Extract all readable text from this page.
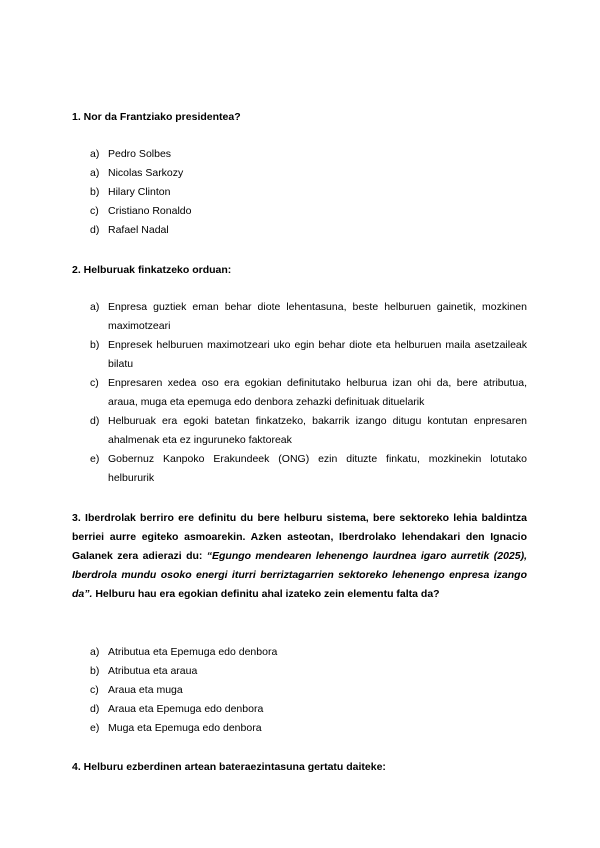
1. Nor da Frantziako presidentea?

a) Pedro Solbes
a) Nicolas Sarkozy
b) Hilary Clinton
c) Cristiano Ronaldo
d) Rafael Nadal

2. Helburuak finkatzeko orduan:

a) Enpresa guztiek eman behar diote lehentasuna, beste helburuen gainetik, mozkinen maximotzeari
b) Enpresek helburuen maximotzeari uko egin behar diote eta helburuen maila asetzaileak bilatu
c) Enpresaren xedea oso era egokian definitutako helburua izan ohi da, bere atributua, araua, muga eta epemuga edo denbora zehazki definituak dituelarik
d) Helburuak era egoki batetan finkatzeko, bakarrik izango ditugu kontutan enpresaren ahalmenak eta ez inguruneko faktoreak
e) Gobernuz Kanpoko Erakundeek (ONG) ezin dituzte finkatu, mozkinekin lotutako helbururik

3. Iberdrolak berriro ere definitu du bere helburu sistema, bere sektoreko lehia baldintza berriei aurre egiteko asmoarekin. Azken asteotan, Iberdrolako lehendakari den Ignacio Galanek zera adierazi du: “Egungo mendearen lehenengo laurdnea igaro aurretik (2025), Iberdrola mundu osoko energi iturri berriztagarrien sektoreko lehenengo enpresa izango da”. Helburu hau era egokian definitu ahal izateko zein elementu falta da?

a) Atributua eta Epemuga edo denbora
b) Atributua eta araua
c) Araua eta muga
d) Araua eta Epemuga edo denbora
e) Muga eta Epemuga edo denbora

4. Helburu ezberdinen artean bateraezintasuna gertatu daiteke:
